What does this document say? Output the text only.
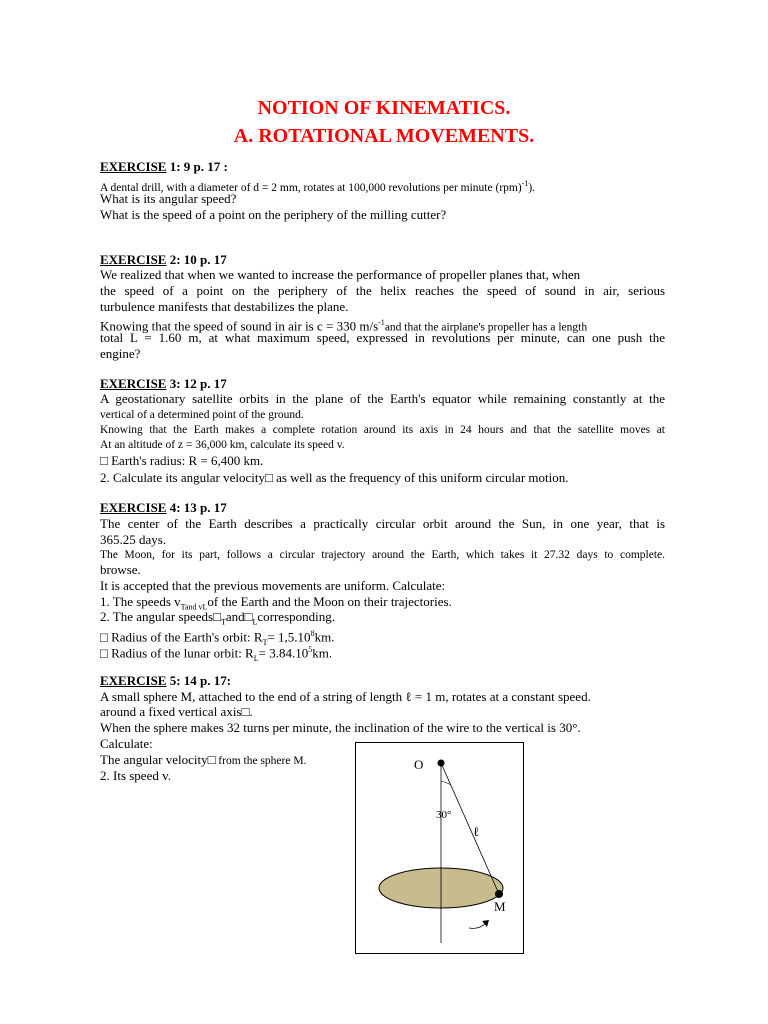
NOTION OF KINEMATICS.
A. ROTATIONAL MOVEMENTS.
EXERCISE 1: 9 p. 17 :
A dental drill, with a diameter of d = 2 mm, rotates at 100,000 revolutions per minute (rpm)$^{-1}$).
What is its angular speed?
What is the speed of a point on the periphery of the milling cutter?
EXERCISE 2: 10 p. 17
We realized that when we wanted to increase the performance of propeller planes that, when
the speed of a point on the periphery of the helix reaches the speed of sound in air, serious
turbulence manifests that destabilizes the plane.
Knowing that the speed of sound in air is c = 330 $m/s^{-1}and$ that the airplane's propeller has a length
total L = 1.60 m, at what maximum speed, expressed in revolutions per minute, can one push the
engine?
EXERCISE 3: 12 p. 17
A geostationary satellite orbits in the plane of the Earth's equator while remaining constantly at the
vertical of a determined point of the ground.
Knowing that the Earth makes a complete rotation around its axis in 24 hours and that the satellite moves at
At an altitude of z = 36,000 km, calculate its speed v.
□ Earth's radius: R = 6,400 km.
2. Calculate its angular velocity□ as well as the frequency of this uniform circular motion.
EXERCISE 4: 13 p. 17
The center of the Earth describes a practically circular orbit around the Sun, in one year, that is
365.25 days.
The Moon, for its part, follows a circular trajectory around the Earth, which takes it 27.32 days to complete.
browse.
It is accepted that the previous movements are uniform. Calculate:
1. The speeds $v_{Tand vL}of$ the Earth and the Moon on their trajectories.
2. The angular $speeds□_Tand□_Lcorresponding$.
□ Radius of the Earth's orbit: $R_T= 1,5.10^8km$.
□ Radius of the lunar orbit: $R_L= 3.84.10^5km$.
EXERCISE 5: 14 p. 17:
A small sphere M, attached to the end of a string of length ℓ = 1 m, rotates at a constant speed.
around a fixed vertical axis□.
When the sphere makes 32 turns per minute, the inclination of the wire to the vertical is 30°.
Calculate:
The angular velocity□ from the sphere M.
2. Its speed v.
O
30°
ℓ
M
